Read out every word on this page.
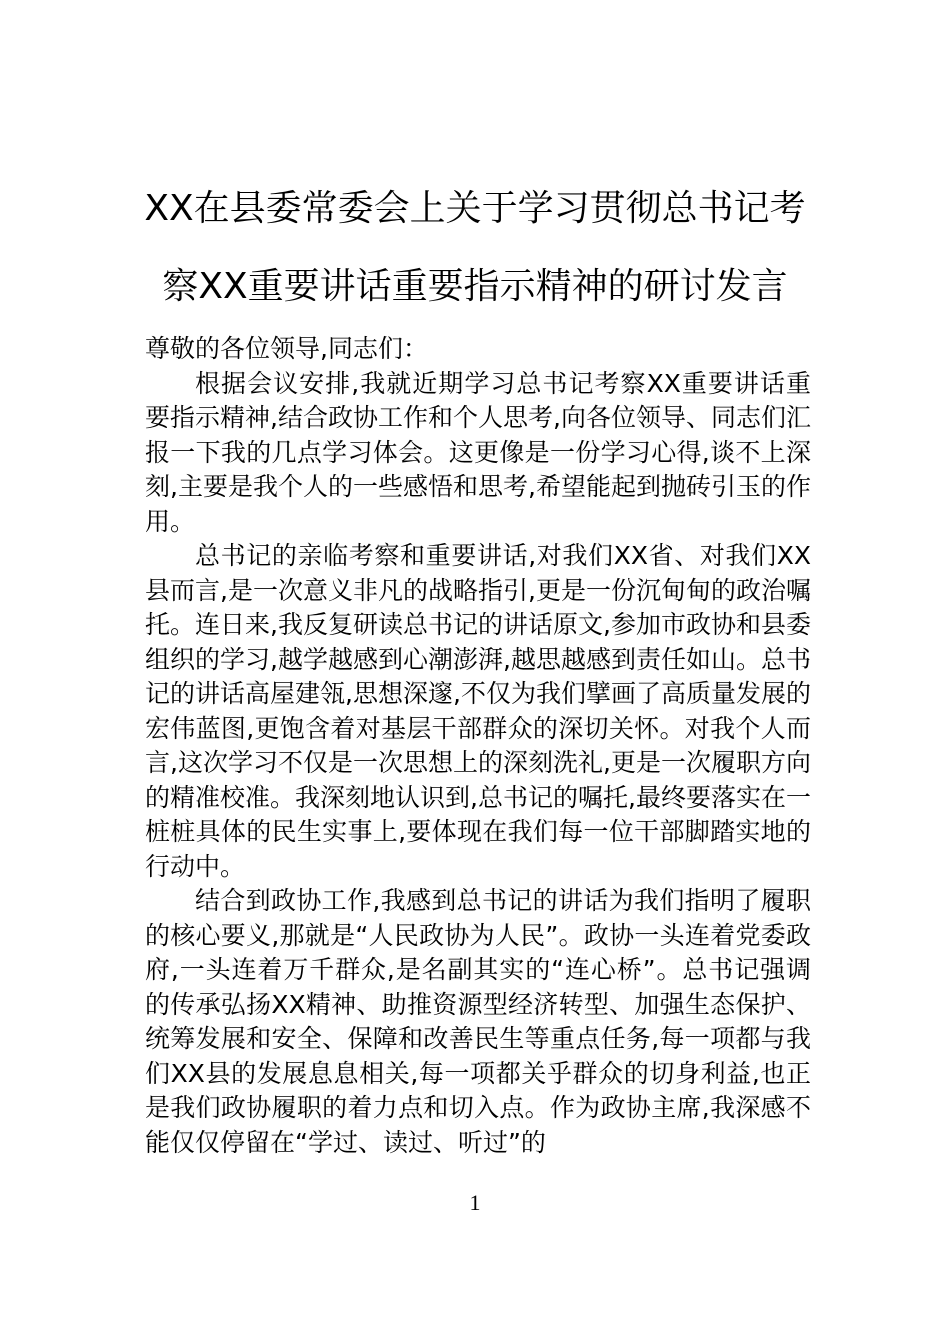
XX在县委常委会上关于学习贯彻总书记考
察XX重要讲话重要指示精神的研讨发言

尊敬的各位领导,同志们：

根据会议安排,我就近期学习总书记考察XX重要讲话重要指示精神,结合政协工作和个人思考,向各位领导、同志们汇报一下我的几点学习体会。这更像是一份学习心得,谈不上深刻,主要是我个人的一些感悟和思考,希望能起到抛砖引玉的作用。

总书记的亲临考察和重要讲话,对我们XX省、对我们XX县而言,是一次意义非凡的战略指引,更是一份沉甸甸的政治嘱托。连日来,我反复研读总书记的讲话原文,参加市政协和县委组织的学习,越学越感到心潮澎湃,越思越感到责任如山。总书记的讲话高屋建瓴,思想深邃,不仅为我们擘画了高质量发展的宏伟蓝图,更饱含着对基层干部群众的深切关怀。对我个人而言,这次学习不仅是一次思想上的深刻洗礼,更是一次履职方向的精准校准。我深刻地认识到,总书记的嘱托,最终要落实在一桩桩具体的民生实事上,要体现在我们每一位干部脚踏实地的行动中。

结合到政协工作,我感到总书记的讲话为我们指明了履职的核心要义,那就是“人民政协为人民”。政协一头连着党委政府,一头连着万千群众,是名副其实的“连心桥”。总书记强调的传承弘扬XX精神、助推资源型经济转型、加强生态保护、统筹发展和安全、保障和改善民生等重点任务,每一项都与我们XX县的发展息息相关,每一项都关乎群众的切身利益,也正是我们政协履职的着力点和切入点。作为政协主席,我深感不能仅仅停留在“学过、读过、听过”的

1
